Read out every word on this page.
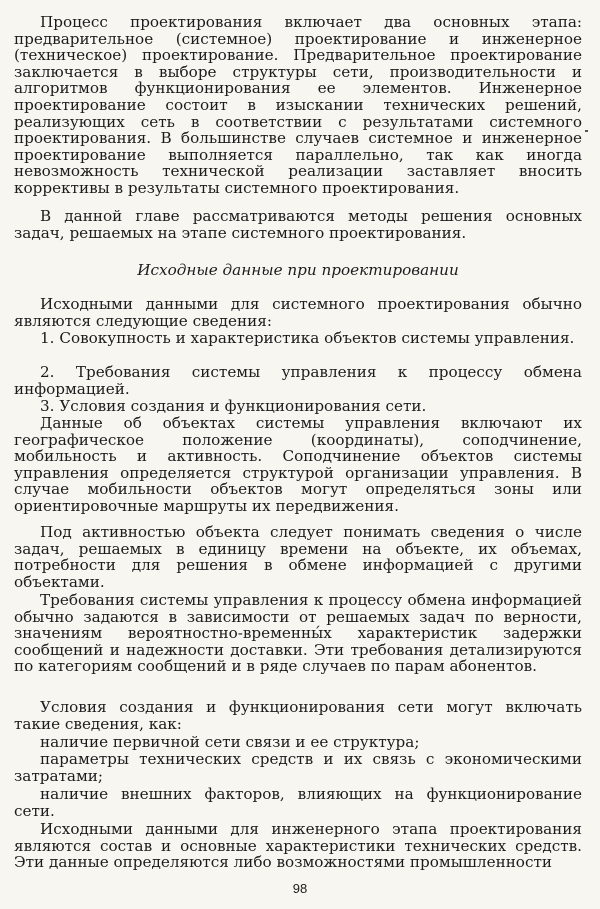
Процесс проектирования включает два основных этапа: предварительное (системное) проектирование и инженерное (техническое) проектирование. Предварительное проектирование заключается в выборе структуры сети, производительности и алгоритмов функционирования ее элементов. Инженерное проектирование состоит в изыскании технических решений, реализующих сеть в соответствии с результатами системного проектирования. В большинстве случаев системное и инженерное проектирование выполняется параллельно, так как иногда невозможность технической реализации заставляет вносить коррективы в результаты системного проектирования.
В данной главе рассматриваются методы решения основных задач, решаемых на этапе системного проектирования.
Исходные данные при проектировании
Исходными данными для системного проектирования обычно являются следующие сведения:
1. Совокупность и характеристика объектов системы управления.
2. Требования системы управления к процессу обмена информацией.
3. Условия создания и функционирования сети.
Данные об объектах системы управления включают их географическое положение (координаты), соподчинение, мобильность и активность. Соподчинение объектов системы управления определяется структурой организации управления. В случае мобильности объектов могут определяться зоны или ориентировочные маршруты их передвижения.
Под активностью объекта следует понимать сведения о числе задач, решаемых в единицу времени на объекте, их объемах, потребности для решения в обмене информацией с другими объектами.
Требования системы управления к процессу обмена информацией обычно задаются в зависимости от решаемых задач по верности, значениям вероятностно-временны́х характеристик задержки сообщений и надежности доставки. Эти требования детализируются по категориям сообщений и в ряде случаев по парам абонентов.
Условия создания и функционирования сети могут включать такие сведения, как:
наличие первичной сети связи и ее структура;
параметры технических средств и их связь с экономическими затратами;
наличие внешних факторов, влияющих на функционирование сети.
Исходными данными для инженерного этапа проектирования являются состав и основные характеристики технических средств. Эти данные определяются либо возможностями промышленности
98
